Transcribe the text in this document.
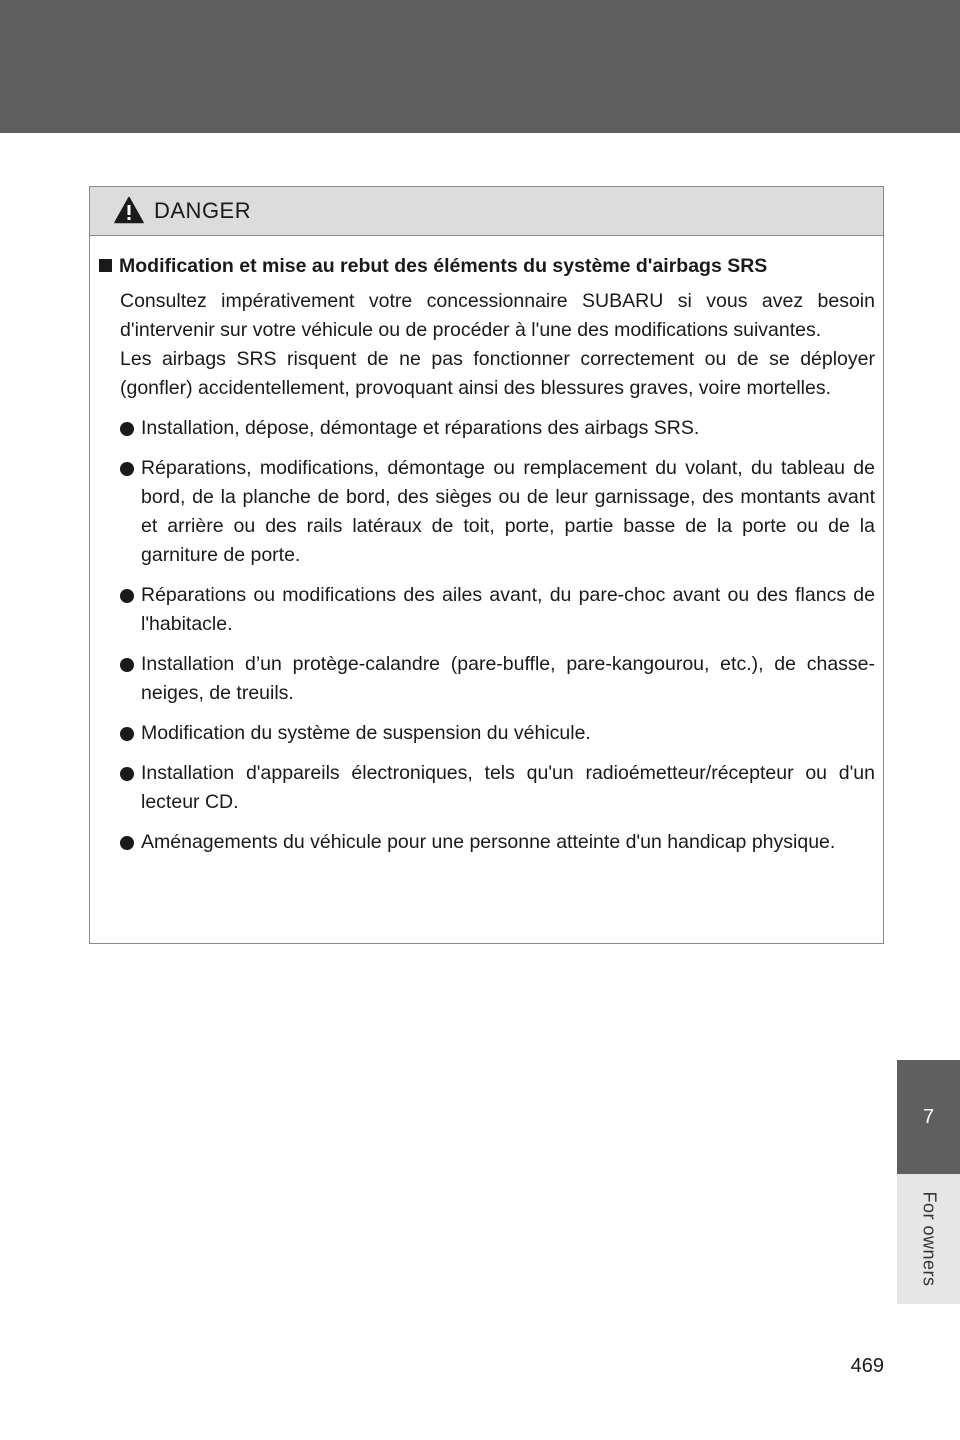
DANGER
Modification et mise au rebut des éléments du système d'airbags SRS

Consultez impérativement votre concessionnaire SUBARU si vous avez besoin d'intervenir sur votre véhicule ou de procéder à l'une des modifications suivantes.

Les airbags SRS risquent de ne pas fonctionner correctement ou de se déployer (gonfler) accidentellement, provoquant ainsi des blessures graves, voire mortelles.

Installation, dépose, démontage et réparations des airbags SRS.
Réparations, modifications, démontage ou remplacement du volant, du tableau de bord, de la planche de bord, des sièges ou de leur garnissage, des montants avant et arrière ou des rails latéraux de toit, porte, partie basse de la porte ou de la garniture de porte.
Réparations ou modifications des ailes avant, du pare-choc avant ou des flancs de l'habitacle.
Installation d’un protège-calandre (pare-buffle, pare-kangourou, etc.), de chasse-neiges, de treuils.
Modification du système de suspension du véhicule.
Installation d'appareils électroniques, tels qu'un radioémetteur/récepteur ou d'un lecteur CD.
Aménagements du véhicule pour une personne atteinte d'un handicap physique.
7
For owners
469
